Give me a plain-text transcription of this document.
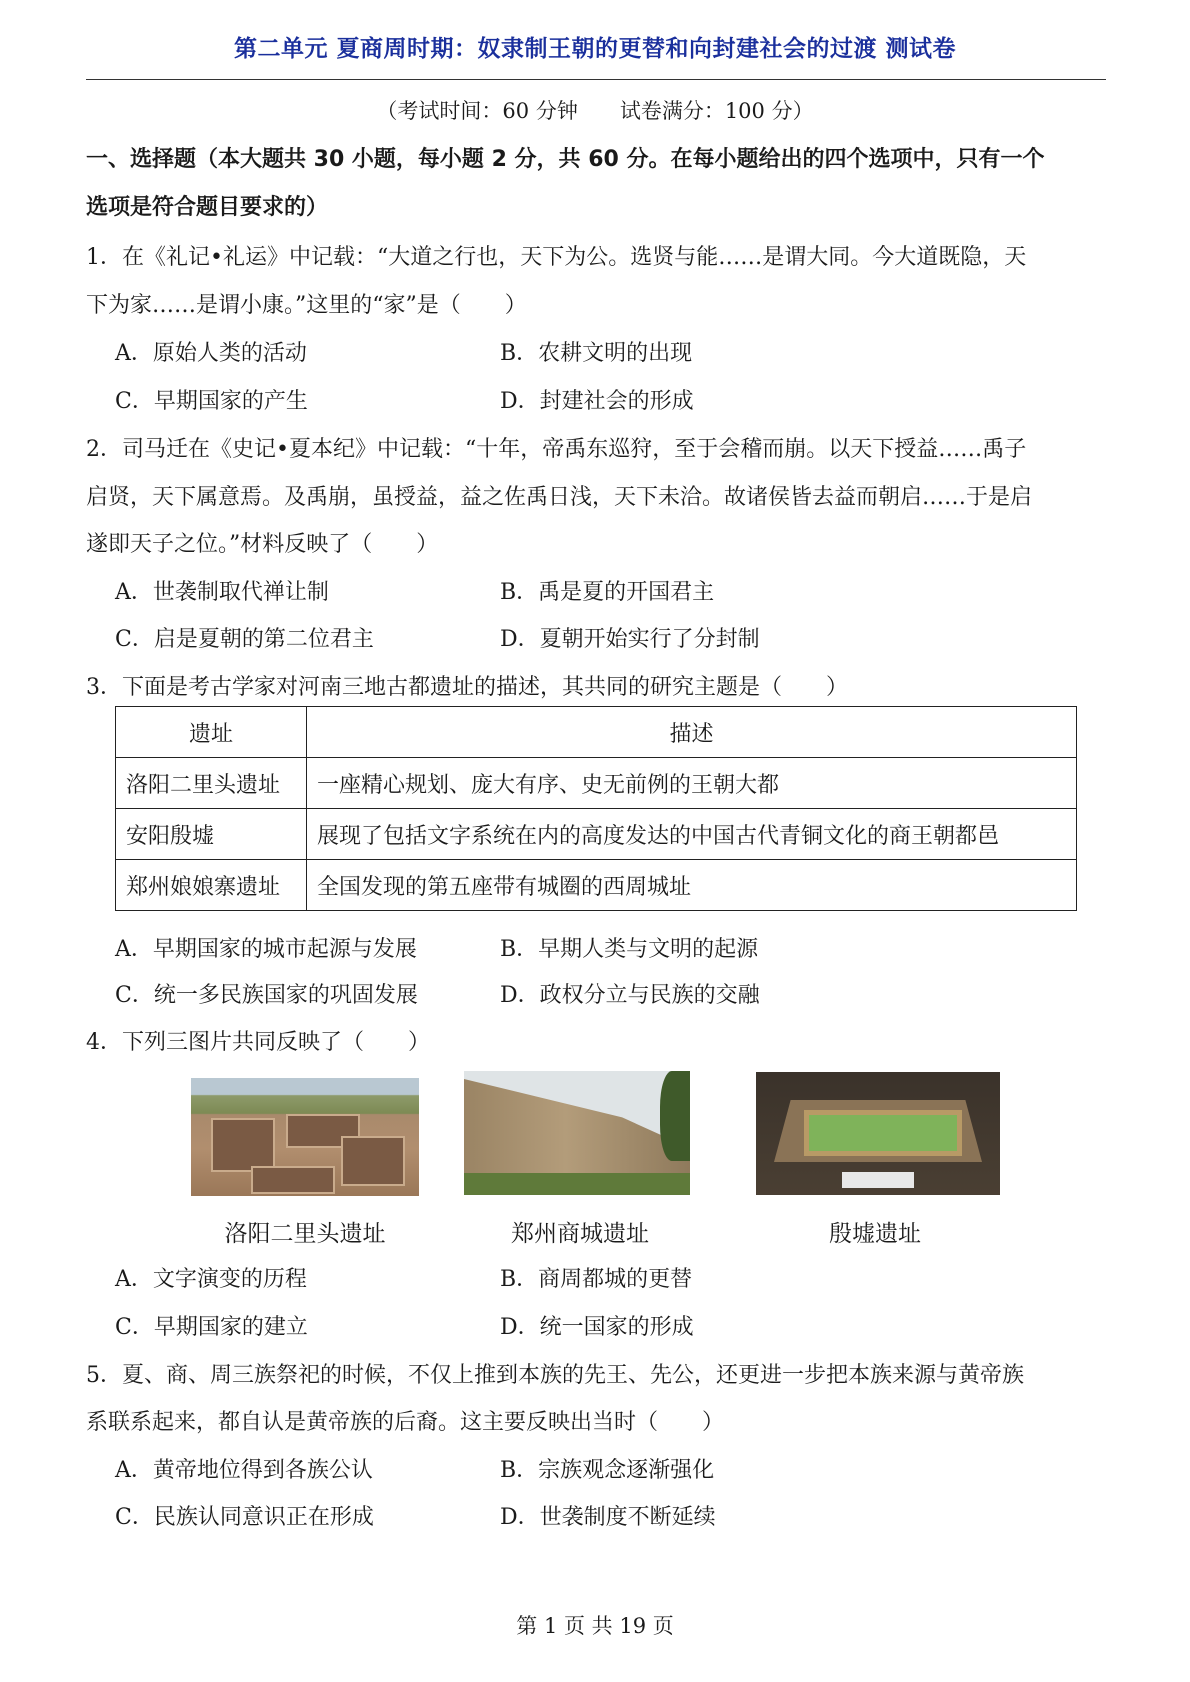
第二单元 夏商周时期：奴隶制王朝的更替和向封建社会的过渡 测试卷
（考试时间：60 分钟　　试卷满分：100 分）
一、选择题（本大题共 30 小题，每小题 2 分，共 60 分。在每小题给出的四个选项中，只有一个
选项是符合题目要求的）
1．在《礼记•礼运》中记载：“大道之行也，天下为公。选贤与能……是谓大同。今大道既隐，天
下为家……是谓小康。”这里的“家”是（　　）
A．原始人类的活动	B．农耕文明的出现
C．早期国家的产生	D．封建社会的形成
2．司马迁在《史记•夏本纪》中记载：“十年，帝禹东巡狩，至于会稽而崩。以天下授益……禹子
启贤，天下属意焉。及禹崩，虽授益，益之佐禹日浅，天下未洽。故诸侯皆去益而朝启……于是启
遂即天子之位。”材料反映了（　　）
A．世袭制取代禅让制	B．禹是夏的开国君主
C．启是夏朝的第二位君主	D．夏朝开始实行了分封制
3．下面是考古学家对河南三地古都遗址的描述，其共同的研究主题是（　　）
遗址	描述
洛阳二里头遗址	一座精心规划、庞大有序、史无前例的王朝大都
安阳殷墟	展现了包括文字系统在内的高度发达的中国古代青铜文化的商王朝都邑
郑州娘娘寨遗址	全国发现的第五座带有城圈的西周城址
A．早期国家的城市起源与发展	B．早期人类与文明的起源
C．统一多民族国家的巩固发展	D．政权分立与民族的交融
4．下列三图片共同反映了（　　）
洛阳二里头遗址	郑州商城遗址	殷墟遗址
A．文字演变的历程	B．商周都城的更替
C．早期国家的建立	D．统一国家的形成
5．夏、商、周三族祭祀的时候，不仅上推到本族的先王、先公，还更进一步把本族来源与黄帝族
系联系起来，都自认是黄帝族的后裔。这主要反映出当时（　　）
A．黄帝地位得到各族公认	B．宗族观念逐渐强化
C．民族认同意识正在形成	D．世袭制度不断延续
第 1 页 共 19 页
